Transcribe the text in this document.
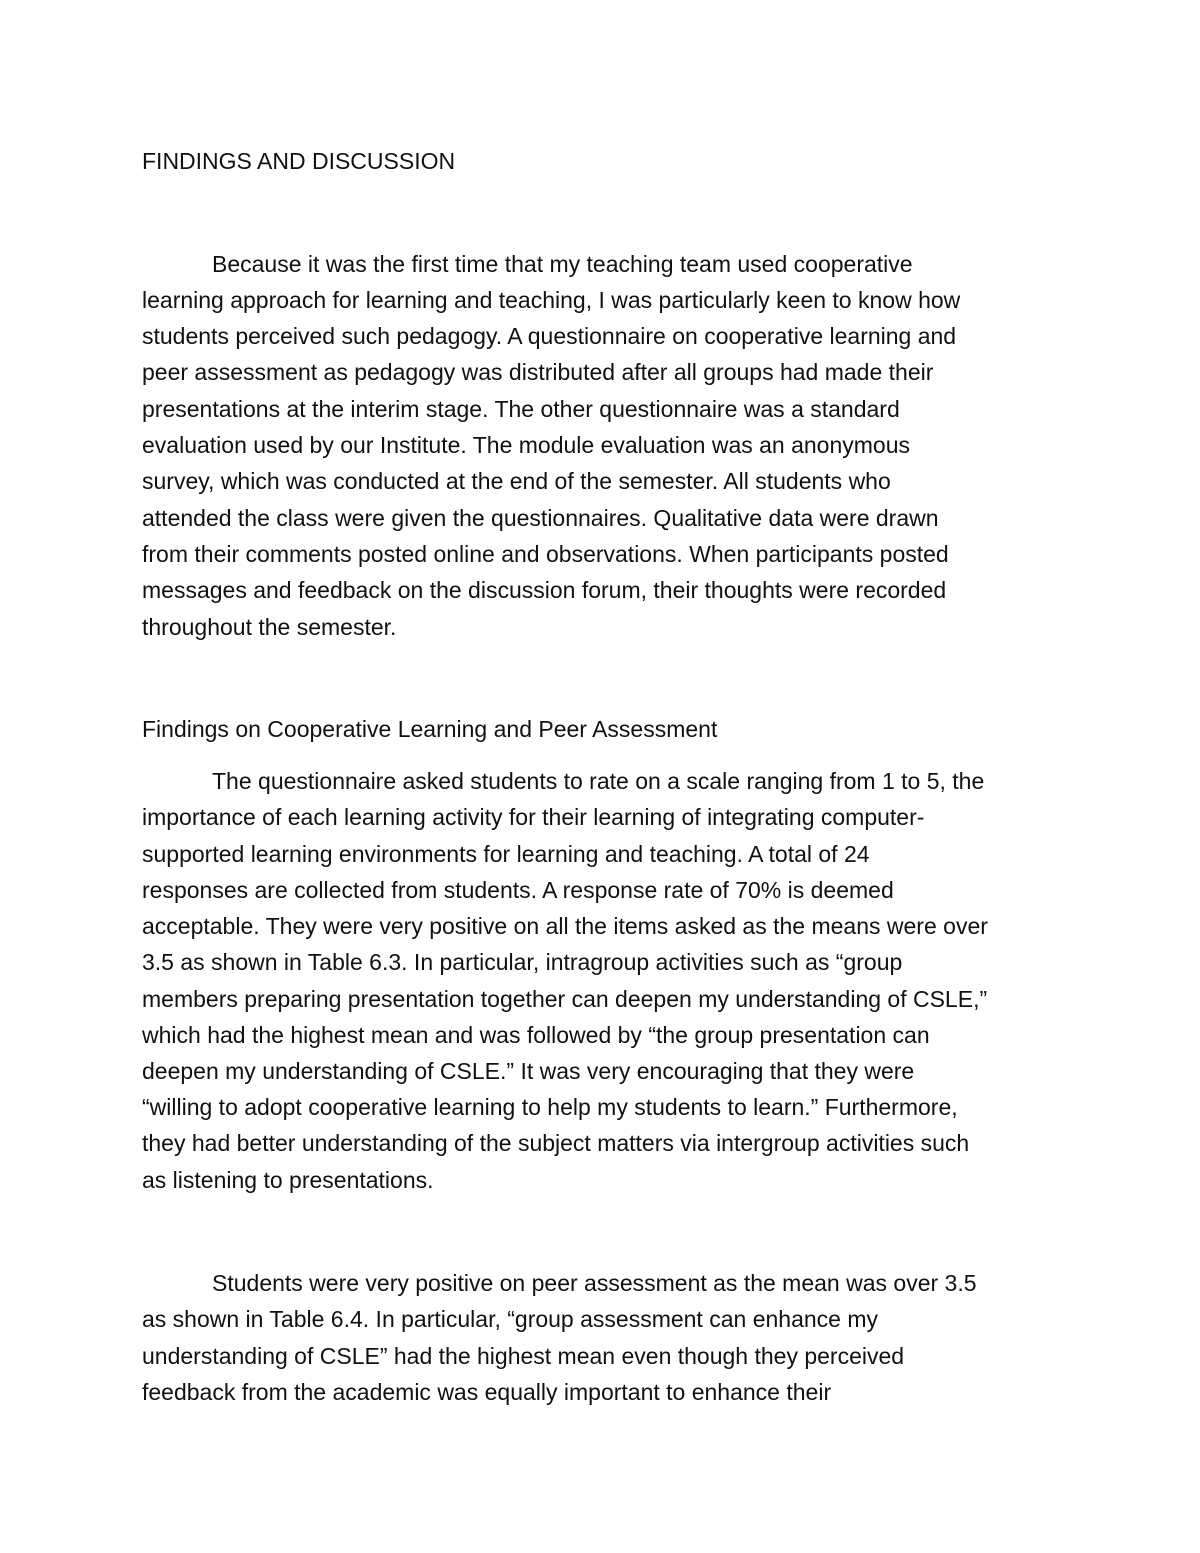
FINDINGS AND DISCUSSION
Because it was the first time that my teaching team used cooperative
learning approach for learning and teaching, I was particularly keen to know how
students perceived such pedagogy. A questionnaire on cooperative learning and
peer assessment as pedagogy was distributed after all groups had made their
presentations at the interim stage. The other questionnaire was a standard
evaluation used by our Institute. The module evaluation was an anonymous
survey, which was conducted at the end of the semester. All students who
attended the class were given the questionnaires. Qualitative data were drawn
from their comments posted online and observations. When participants posted
messages and feedback on the discussion forum, their thoughts were recorded
throughout the semester.
Findings on Cooperative Learning and Peer Assessment
The questionnaire asked students to rate on a scale ranging from 1 to 5, the
importance of each learning activity for their learning of integrating computer-
supported learning environments for learning and teaching. A total of 24
responses are collected from students. A response rate of 70% is deemed
acceptable. They were very positive on all the items asked as the means were over
3.5 as shown in Table 6.3. In particular, intragroup activities such as “group
members preparing presentation together can deepen my understanding of CSLE,”
which had the highest mean and was followed by “the group presentation can
deepen my understanding of CSLE.” It was very encouraging that they were
“willing to adopt cooperative learning to help my students to learn.” Furthermore,
they had better understanding of the subject matters via intergroup activities such
as listening to presentations.
Students were very positive on peer assessment as the mean was over 3.5
as shown in Table 6.4. In particular, “group assessment can enhance my
understanding of CSLE” had the highest mean even though they perceived
feedback from the academic was equally important to enhance their
